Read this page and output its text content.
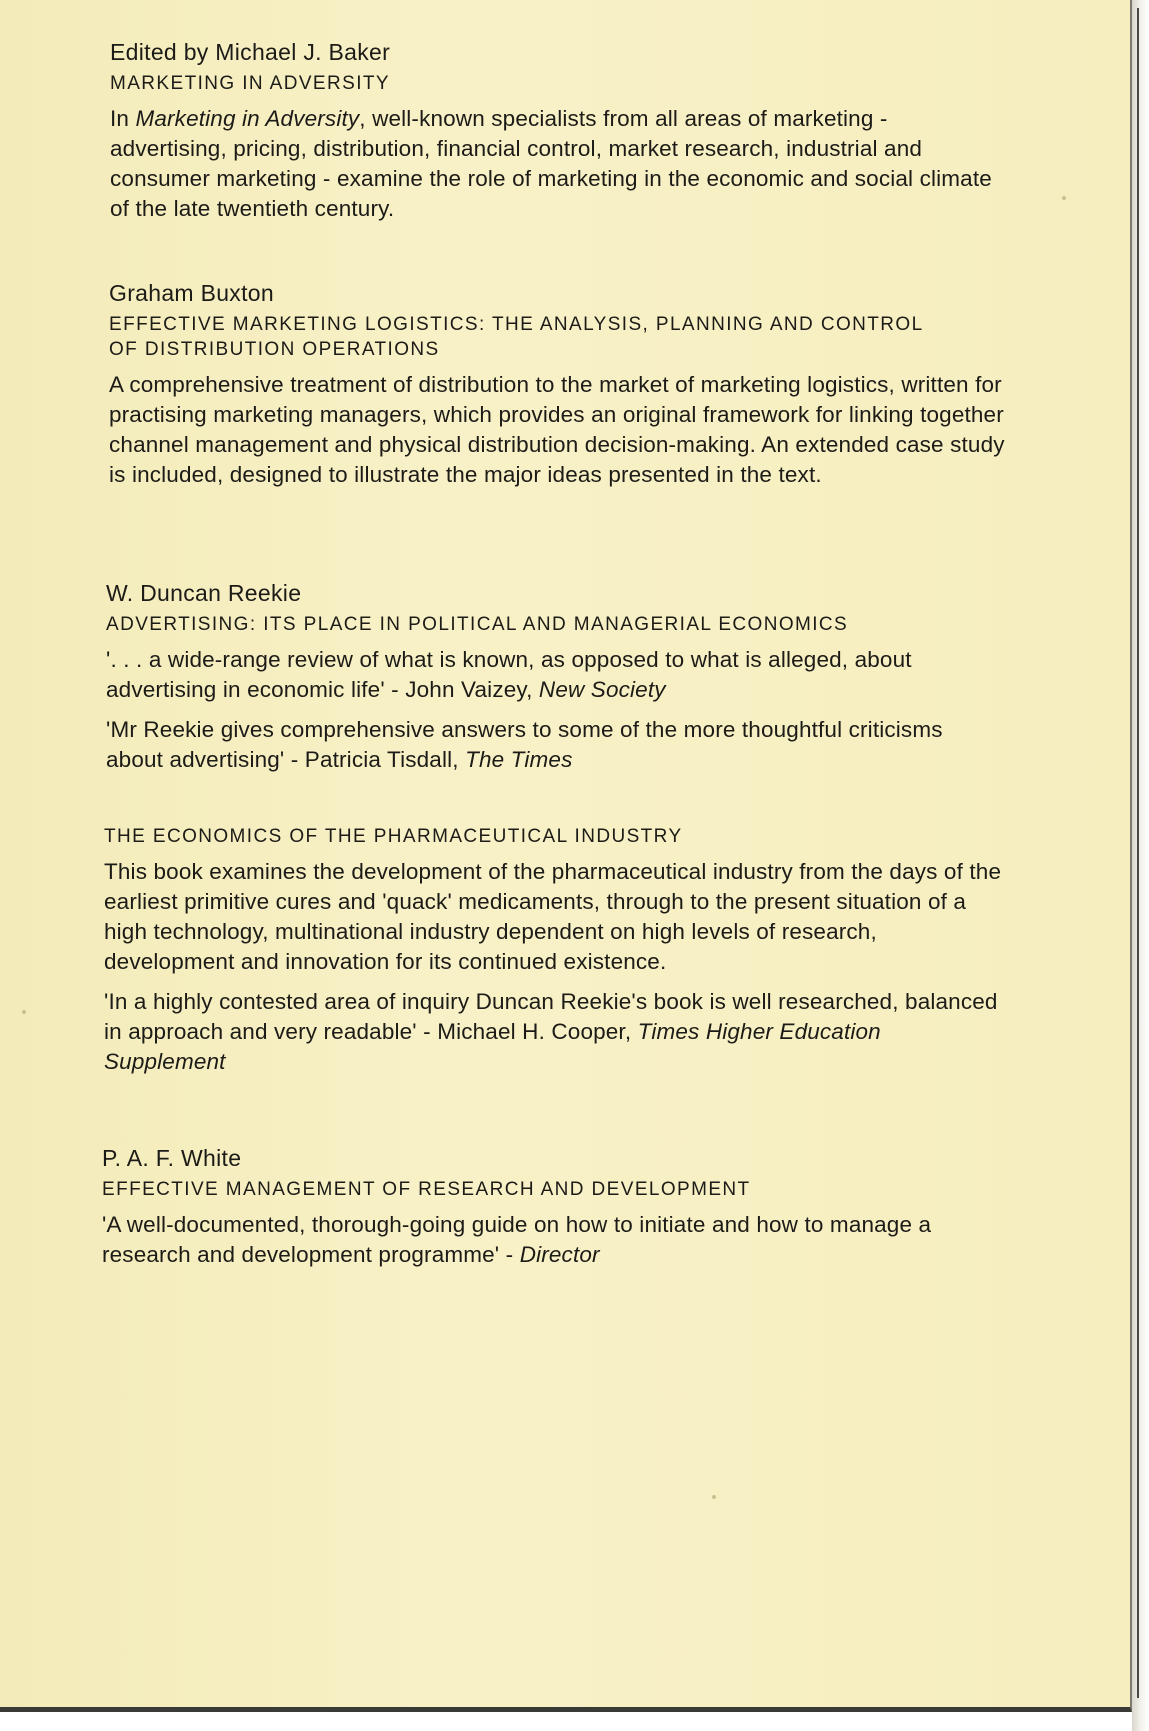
Edited by Michael J. Baker
MARKETING IN ADVERSITY
In Marketing in Adversity, well-known specialists from all areas of marketing - advertising, pricing, distribution, financial control, market research, industrial and consumer marketing - examine the role of marketing in the economic and social climate of the late twentieth century.
Graham Buxton
EFFECTIVE MARKETING LOGISTICS: THE ANALYSIS, PLANNING AND CONTROL OF DISTRIBUTION OPERATIONS
A comprehensive treatment of distribution to the market of marketing logistics, written for practising marketing managers, which provides an original framework for linking together channel management and physical distribution decision-making. An extended case study is included, designed to illustrate the major ideas presented in the text.
W. Duncan Reekie
ADVERTISING: ITS PLACE IN POLITICAL AND MANAGERIAL ECONOMICS
'. . . a wide-range review of what is known, as opposed to what is alleged, about advertising in economic life' - John Vaizey, New Society
'Mr Reekie gives comprehensive answers to some of the more thoughtful criticisms about advertising' - Patricia Tisdall, The Times
THE ECONOMICS OF THE PHARMACEUTICAL INDUSTRY
This book examines the development of the pharmaceutical industry from the days of the earliest primitive cures and 'quack' medicaments, through to the present situation of a high technology, multinational industry dependent on high levels of research, development and innovation for its continued existence.
'In a highly contested area of inquiry Duncan Reekie's book is well researched, balanced in approach and very readable' - Michael H. Cooper, Times Higher Education Supplement
P. A. F. White
EFFECTIVE MANAGEMENT OF RESEARCH AND DEVELOPMENT
'A well-documented, thorough-going guide on how to initiate and how to manage a research and development programme' - Director
